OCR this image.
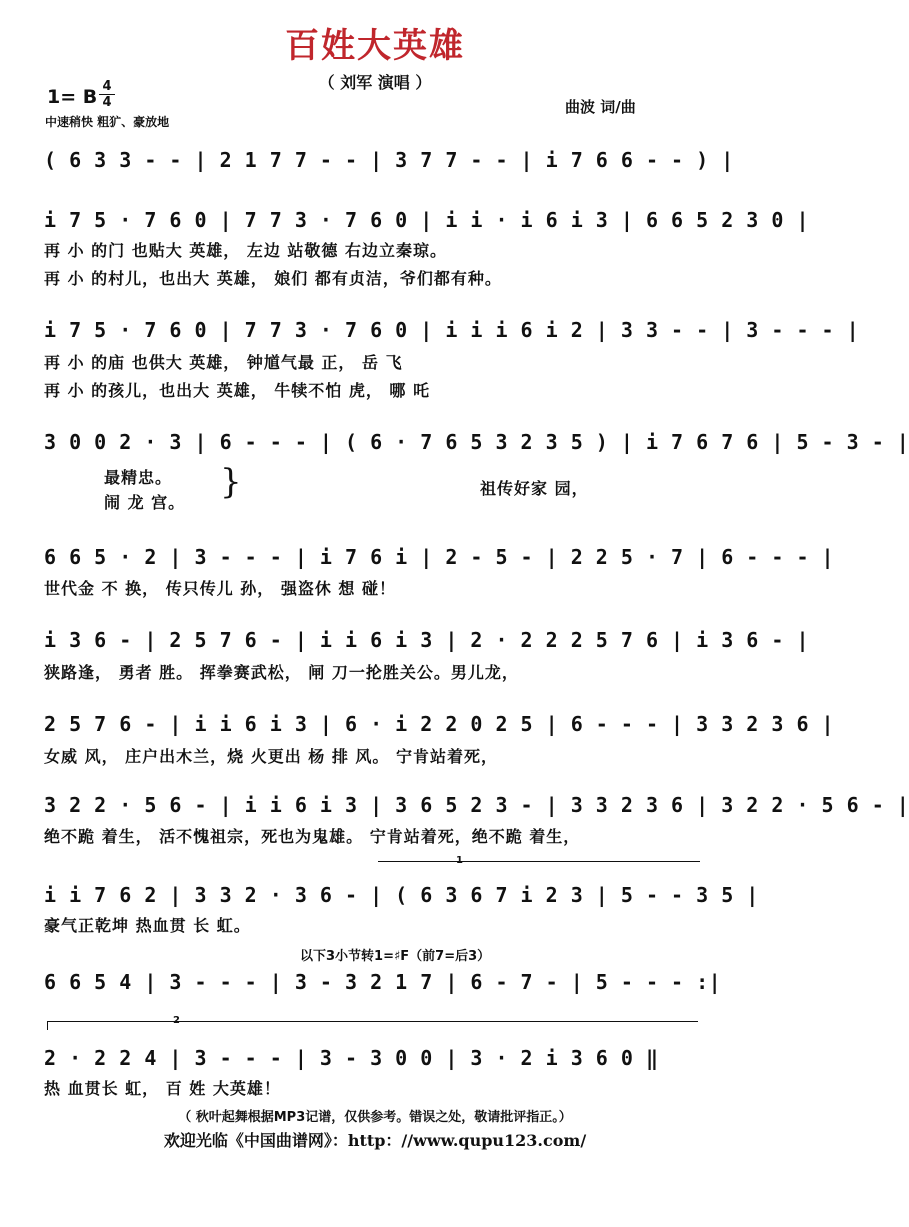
百姓大英雄
（ 刘军 演唱 ）
1= B 4
4
中速稍快 粗犷、豪放地
曲波 词/曲
( 6 3 3 - - | 2 1 7 7 - - | 3 7 7 - - | i 7 6 6 - - ) |
i 7 5 · 7 6 0 | 7 7 3 · 7 6 0 | i i · i 6 i 3 | 6 6 5 2 3 0 |
再 小 的门 也贴大 英雄， 左边 站敬德 右边立秦琼。
再 小 的村儿，也出大 英雄， 娘们 都有贞洁，爷们都有种。
i 7 5 · 7 6 0 | 7 7 3 · 7 6 0 | i i i 6 i 2 | 3 3 - - | 3 - - - |
再 小 的庙 也供大 英雄， 钟馗气最 正， 岳 飞
再 小 的孩儿，也出大 英雄， 牛犊不怕 虎， 哪 吒
3 0 0 2 · 3 | 6 - - - | ( 6 · 7 6 5 3 2 3 5 ) | i 7 6 7 6 | 5 - 3 - |
最精忠。
闹 龙 宫。
}	祖传好家 园，
6 6 5 · 2 | 3 - - - | i 7 6 i | 2 - 5 - | 2 2 5 · 7 | 6 - - - |
世代金 不 换， 传只传儿 孙， 强盗休 想 碰！
i 3 6 - | 2 5 7 6 - | i i 6 i 3 | 2 · 2 2 2 5 7 6 | i 3 6 - |
狭路逢， 勇者 胜。 挥拳赛武松， 闸 刀一抡胜关公。男儿龙，
2 5 7 6 - | i i 6 i 3 | 6 · i 2 2 0 2 5 | 6 - - - | 3 3 2 3 6 |
女威 风， 庄户出木兰，烧 火更出 杨 排 风。 宁肯站着死，
3 2 2 · 5 6 - | i i 6 i 3 | 3 6 5 2 3 - | 3 3 2 3 6 | 3 2 2 · 5 6 - |
绝不跪 着生， 活不愧祖宗，死也为鬼雄。 宁肯站着死，绝不跪 着生，
1
i i 7 6 2 | 3 3 2 · 3 6 - | ( 6 3 6 7 i 2 3 | 5 - - 3 5 |
豪气正乾坤 热血贯 长 虹。
以下3小节转1=♯F（前7=后3）
6 6 5 4 | 3 - - - | 3 - 3 2 1 7 | 6 - 7 - | 5 - - - :|
2
2 · 2 2 4 | 3 - - - | 3 - 3 0 0 | 3 · 2 i 3 6 0 ‖
热 血贯长 虹， 百 姓 大英雄！
（ 秋叶起舞根据MP3记谱，仅供参考。错误之处，敬请批评指正。）
欢迎光临《中国曲谱网》：http：//www.qupu123.com/
